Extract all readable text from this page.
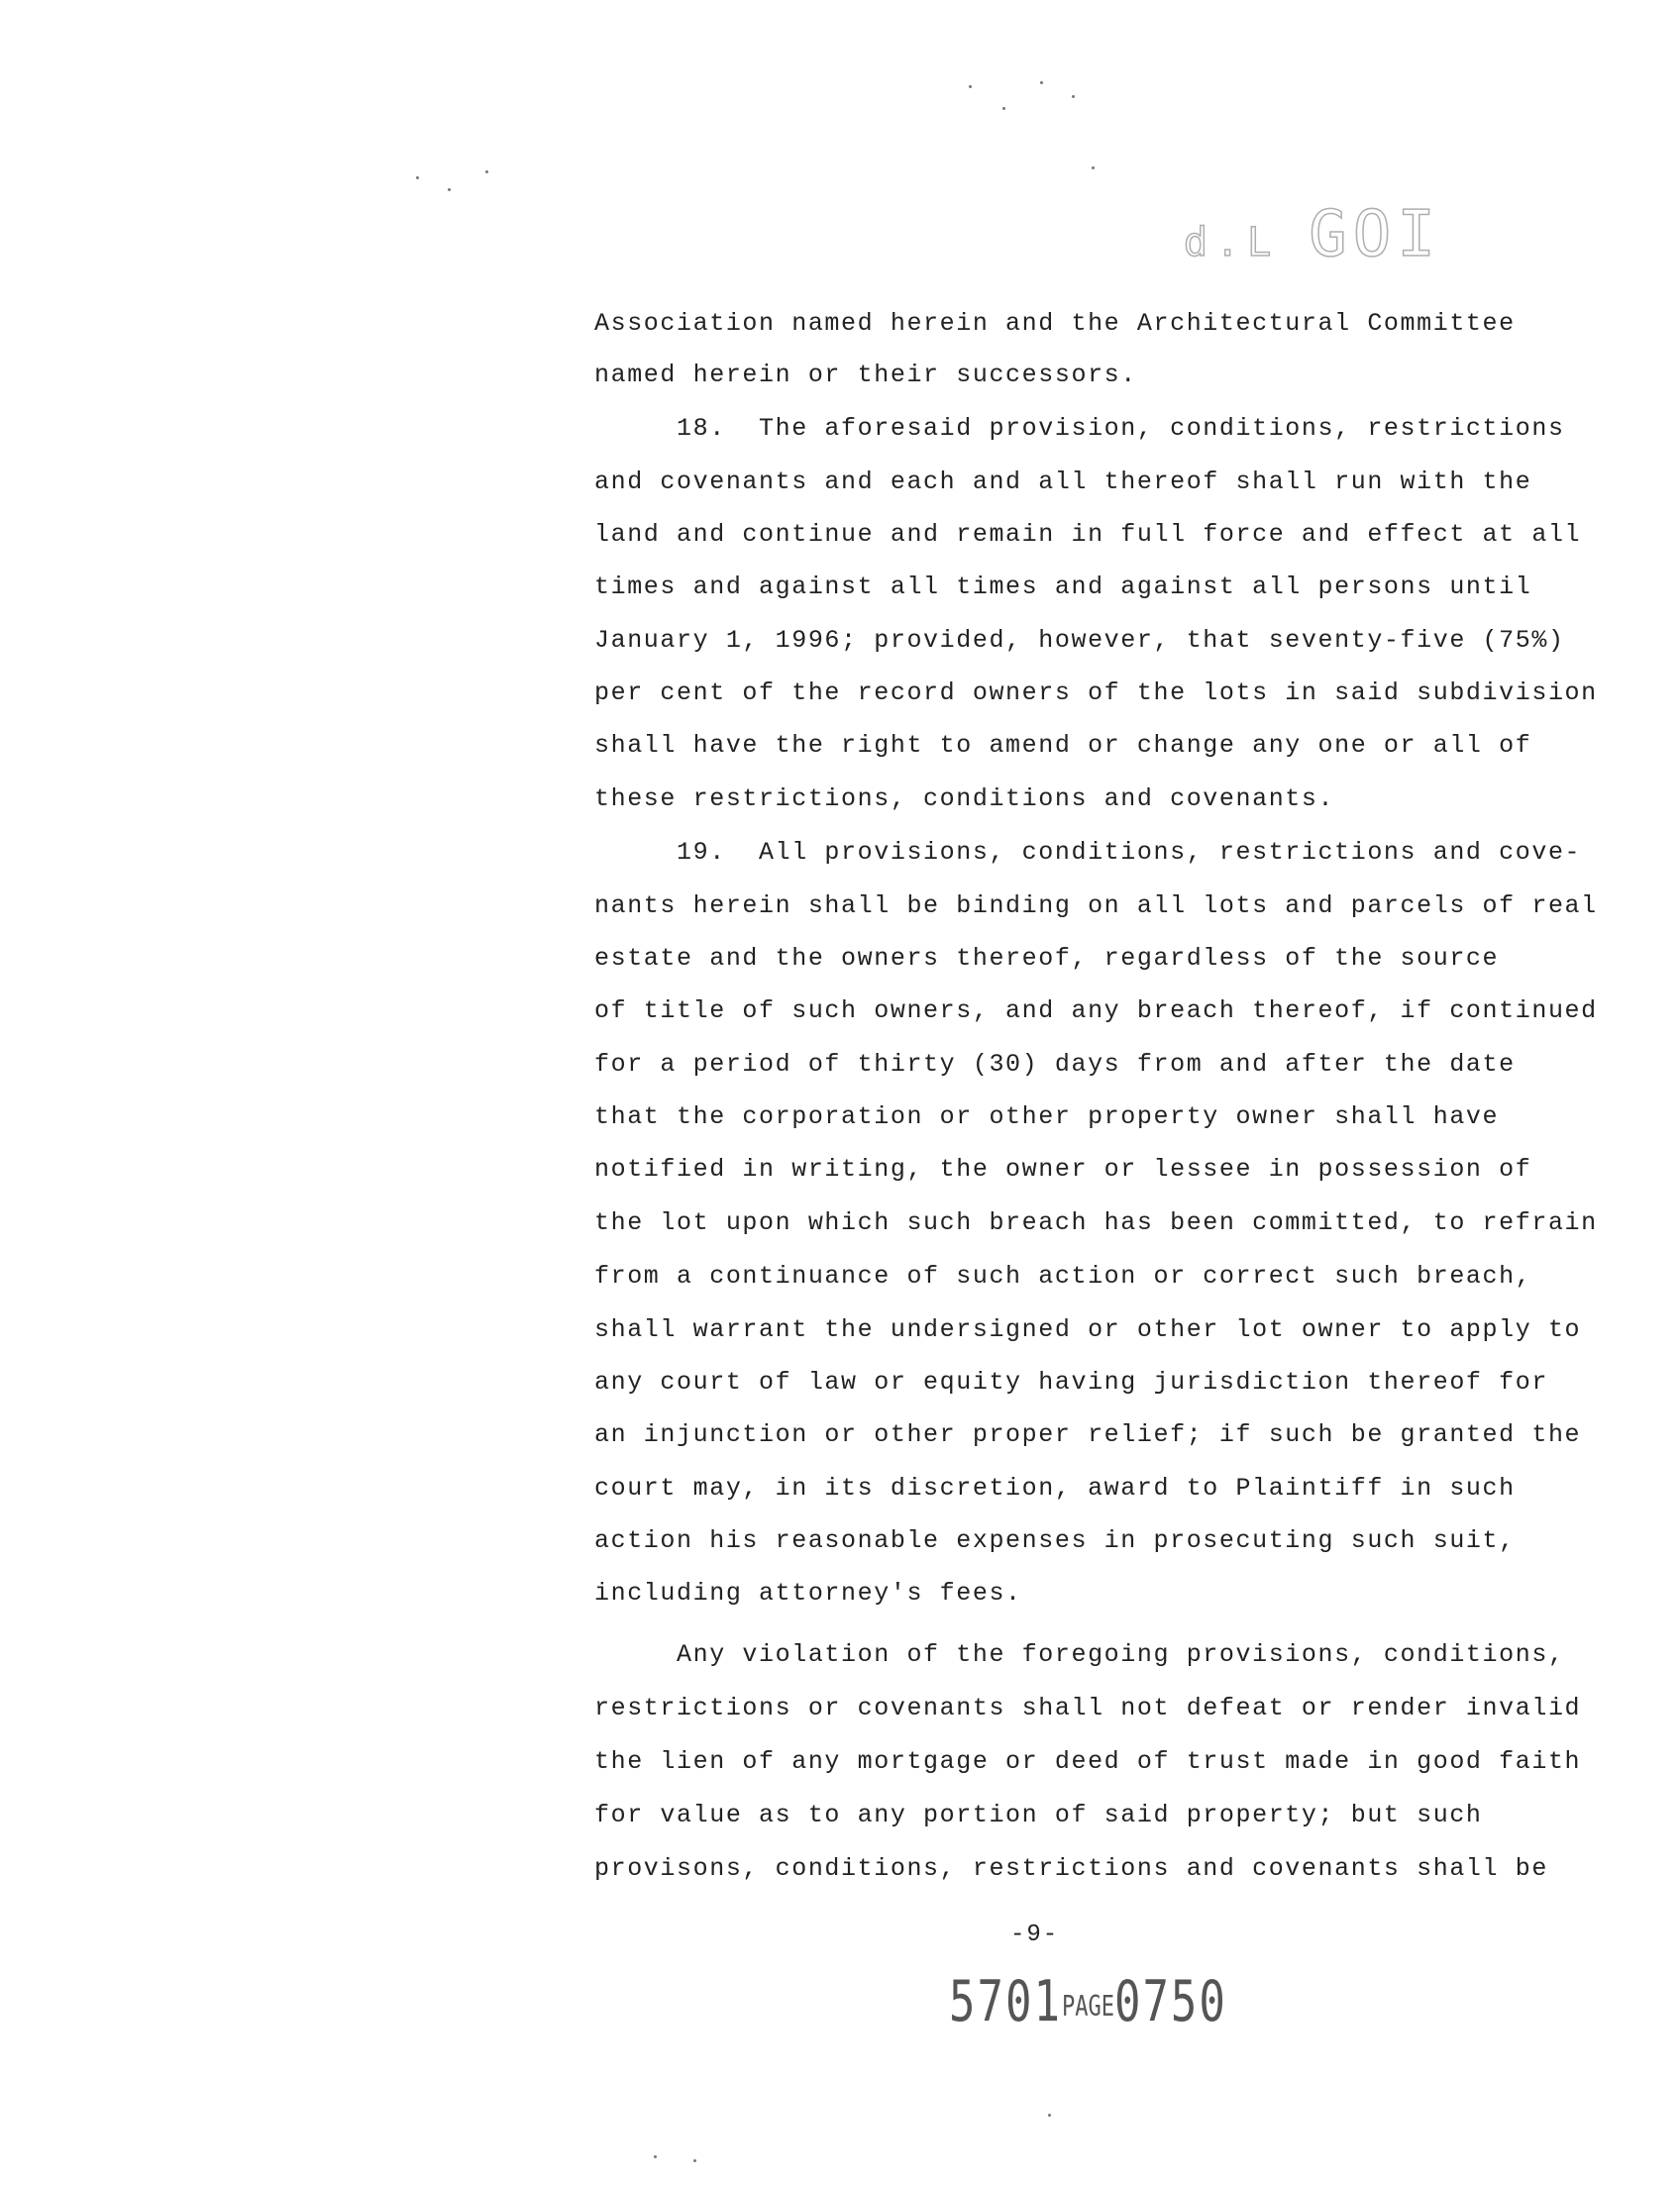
d.L GOI
Association named herein and the Architectural Committee
named herein or their successors.
18.  The aforesaid provision, conditions, restrictions
and covenants and each and all thereof shall run with the
land and continue and remain in full force and effect at all
times and against all times and against all persons until
January 1, 1996; provided, however, that seventy-five (75%)
per cent of the record owners of the lots in said subdivision
shall have the right to amend or change any one or all of
these restrictions, conditions and covenants.
19.  All provisions, conditions, restrictions and cove-
nants herein shall be binding on all lots and parcels of real
estate and the owners thereof, regardless of the source
of title of such owners, and any breach thereof, if continued
for a period of thirty (30) days from and after the date
that the corporation or other property owner shall have
notified in writing, the owner or lessee in possession of
the lot upon which such breach has been committed, to refrain
from a continuance of such action or correct such breach,
shall warrant the undersigned or other lot owner to apply to
any court of law or equity having jurisdiction thereof for
an injunction or other proper relief; if such be granted the
court may, in its discretion, award to Plaintiff in such
action his reasonable expenses in prosecuting such suit,
including attorney's fees.
Any violation of the foregoing provisions, conditions,
restrictions or covenants shall not defeat or render invalid
the lien of any mortgage or deed of trust made in good faith
for value as to any portion of said property; but such
provisons, conditions, restrictions and covenants shall be
-9-
5701PAGE0750
